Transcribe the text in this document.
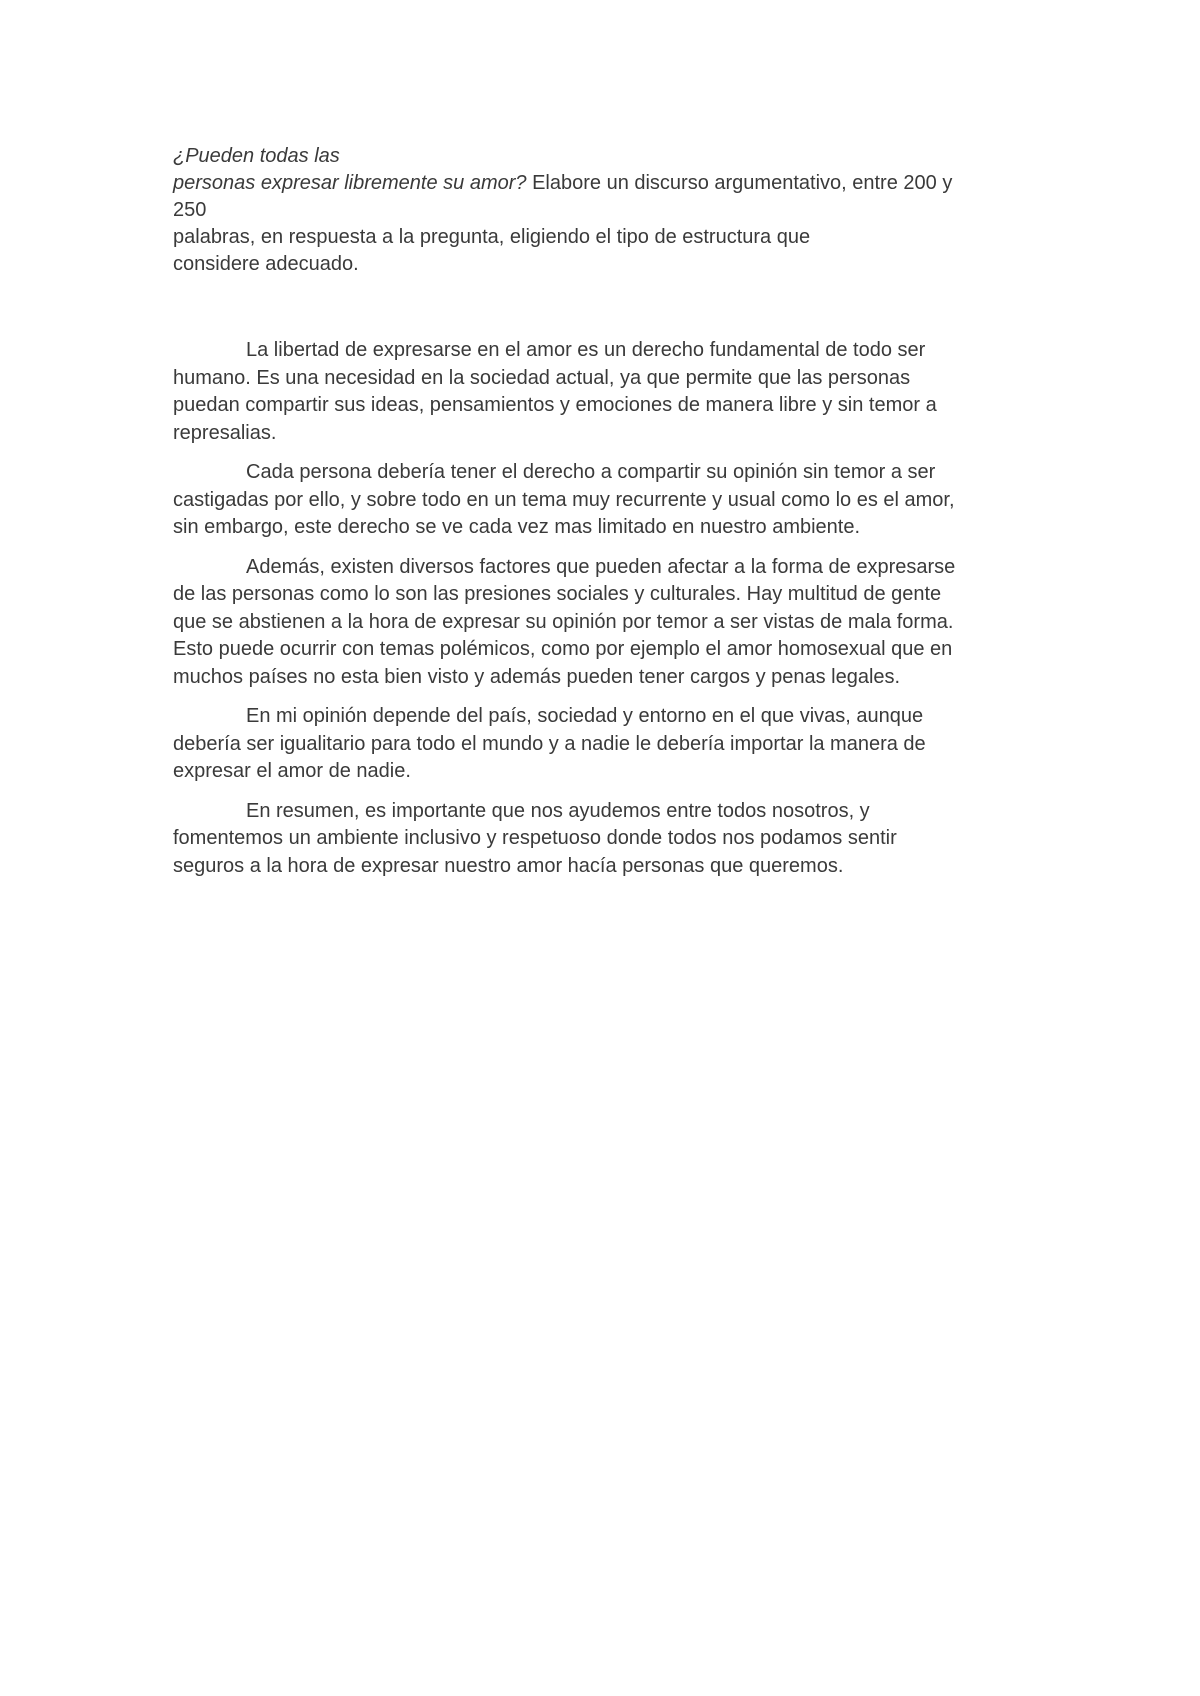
¿Pueden todas las
personas expresar libremente su amor? Elabore un discurso argumentativo, entre 200 y
250
palabras, en respuesta a la pregunta, eligiendo el tipo de estructura que
considere adecuado.

La libertad de expresarse en el amor es un derecho fundamental de todo ser
humano. Es una necesidad en la sociedad actual, ya que permite que las personas
puedan compartir sus ideas, pensamientos y emociones de manera libre y sin temor a
represalias.

Cada persona debería tener el derecho a compartir su opinión sin temor a ser
castigadas por ello, y sobre todo en un tema muy recurrente y usual como lo es el amor,
sin embargo, este derecho se ve cada vez mas limitado en nuestro ambiente.

Además, existen diversos factores que pueden afectar a la forma de expresarse
de las personas como lo son las presiones sociales y culturales. Hay multitud de gente
que se abstienen a la hora de expresar su opinión por temor a ser vistas de mala forma.
Esto puede ocurrir con temas polémicos, como por ejemplo el amor homosexual que en
muchos países no esta bien visto y además pueden tener cargos y penas legales.

En mi opinión depende del país, sociedad y entorno en el que vivas, aunque
debería ser igualitario para todo el mundo y a nadie le debería importar la manera de
expresar el amor de nadie.

En resumen, es importante que nos ayudemos entre todos nosotros, y
fomentemos un ambiente inclusivo y respetuoso donde todos nos podamos sentir
seguros a la hora de expresar nuestro amor hacía personas que queremos.
